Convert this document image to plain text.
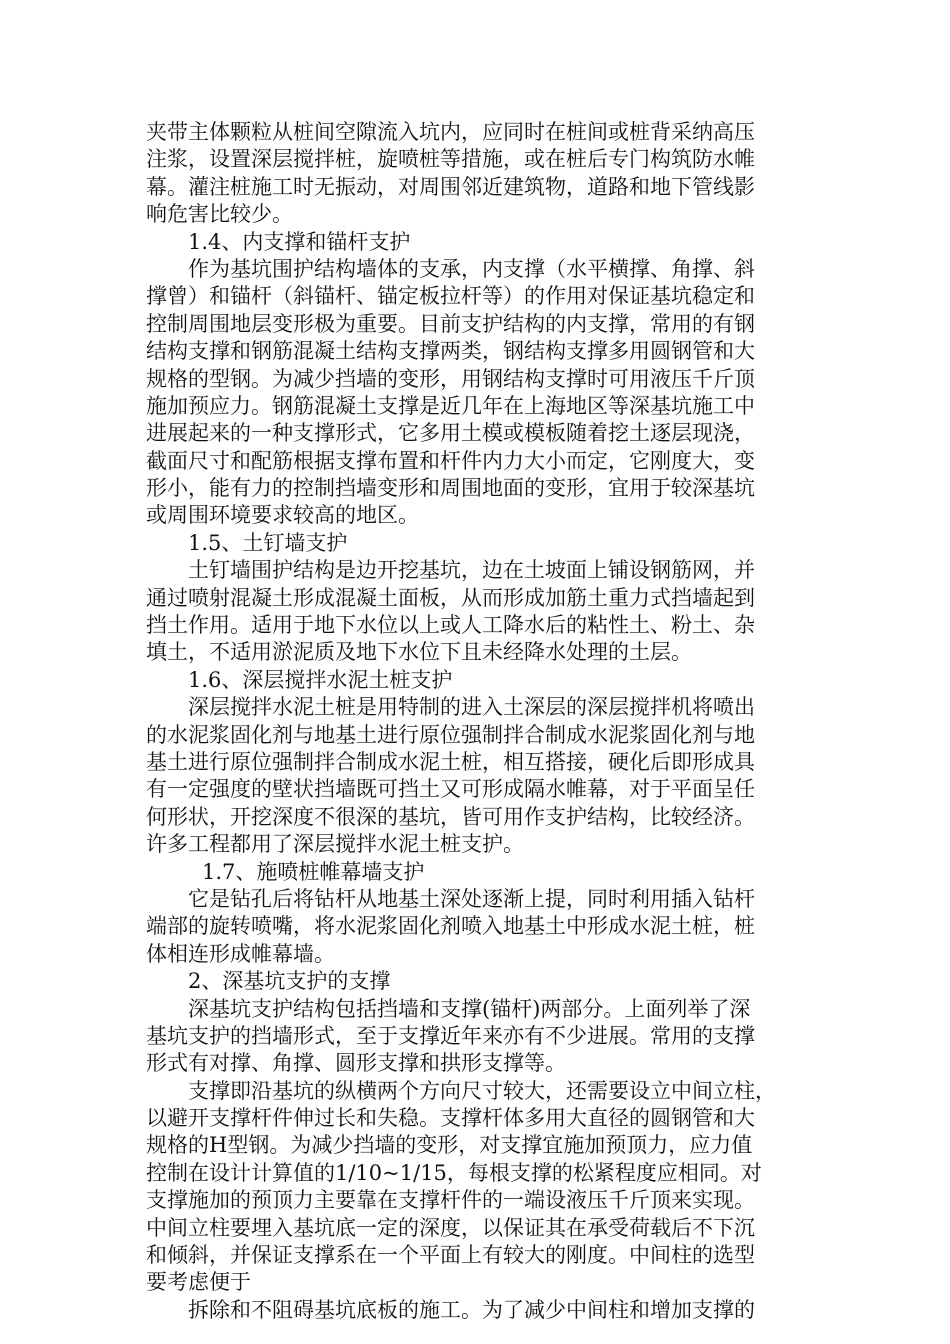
夹带主体颗粒从桩间空隙流入坑内，应同时在桩间或桩背采纳高压
注浆，设置深层搅拌桩，旋喷桩等措施，或在桩后专门构筑防水帷
幕。灌注桩施工时无振动，对周围邻近建筑物，道路和地下管线影
响危害比较少。
1.4、内支撑和锚杆支护
作为基坑围护结构墙体的支承，内支撑（水平横撑、角撑、斜
撑曾）和锚杆（斜锚杆、锚定板拉杆等）的作用对保证基坑稳定和
控制周围地层变形极为重要。目前支护结构的内支撑，常用的有钢
结构支撑和钢筋混凝土结构支撑两类，钢结构支撑多用圆钢管和大
规格的型钢。为减少挡墙的变形，用钢结构支撑时可用液压千斤顶
施加预应力。钢筋混凝土支撑是近几年在上海地区等深基坑施工中
进展起来的一种支撑形式，它多用土模或模板随着挖土逐层现浇，
截面尺寸和配筋根据支撑布置和杆件内力大小而定，它刚度大，变
形小，能有力的控制挡墙变形和周围地面的变形，宜用于较深基坑
或周围环境要求较高的地区。
1.5、土钉墙支护
土钉墙围护结构是边开挖基坑，边在土坡面上铺设钢筋网，并
通过喷射混凝土形成混凝土面板，从而形成加筋土重力式挡墙起到
挡土作用。适用于地下水位以上或人工降水后的粘性土、粉土、杂
填土，不适用淤泥质及地下水位下且未经降水处理的土层。
1.6、深层搅拌水泥土桩支护
深层搅拌水泥土桩是用特制的进入土深层的深层搅拌机将喷出
的水泥浆固化剂与地基土进行原位强制拌合制成水泥浆固化剂与地
基土进行原位强制拌合制成水泥土桩，相互搭接，硬化后即形成具
有一定强度的壁状挡墙既可挡土又可形成隔水帷幕，对于平面呈任
何形状，开挖深度不很深的基坑，皆可用作支护结构，比较经济。
许多工程都用了深层搅拌水泥土桩支护。
1.7、施喷桩帷幕墙支护
它是钻孔后将钻杆从地基土深处逐渐上提，同时利用插入钻杆
端部的旋转喷嘴，将水泥浆固化剂喷入地基土中形成水泥土桩，桩
体相连形成帷幕墙。
2、深基坑支护的支撑
深基坑支护结构包括挡墙和支撑(锚杆)两部分。上面列举了深
基坑支护的挡墙形式，至于支撑近年来亦有不少进展。常用的支撑
形式有对撑、角撑、圆形支撑和拱形支撑等。
支撑即沿基坑的纵横两个方向尺寸较大，还需要设立中间立柱，
以避开支撑杆件伸过长和失稳。支撑杆体多用大直径的圆钢管和大
规格的H型钢。为减少挡墙的变形，对支撑宜施加预顶力，应力值
控制在设计计算值的1/10~1/15，每根支撑的松紧程度应相同。对
支撑施加的预顶力主要靠在支撑杆件的一端设液压千斤顶来实现。
中间立柱要埋入基坑底一定的深度，以保证其在承受荷载后不下沉
和倾斜，并保证支撑系在一个平面上有较大的刚度。中间柱的选型
要考虑便于
拆除和不阻碍基坑底板的施工。为了减少中间柱和增加支撑的
